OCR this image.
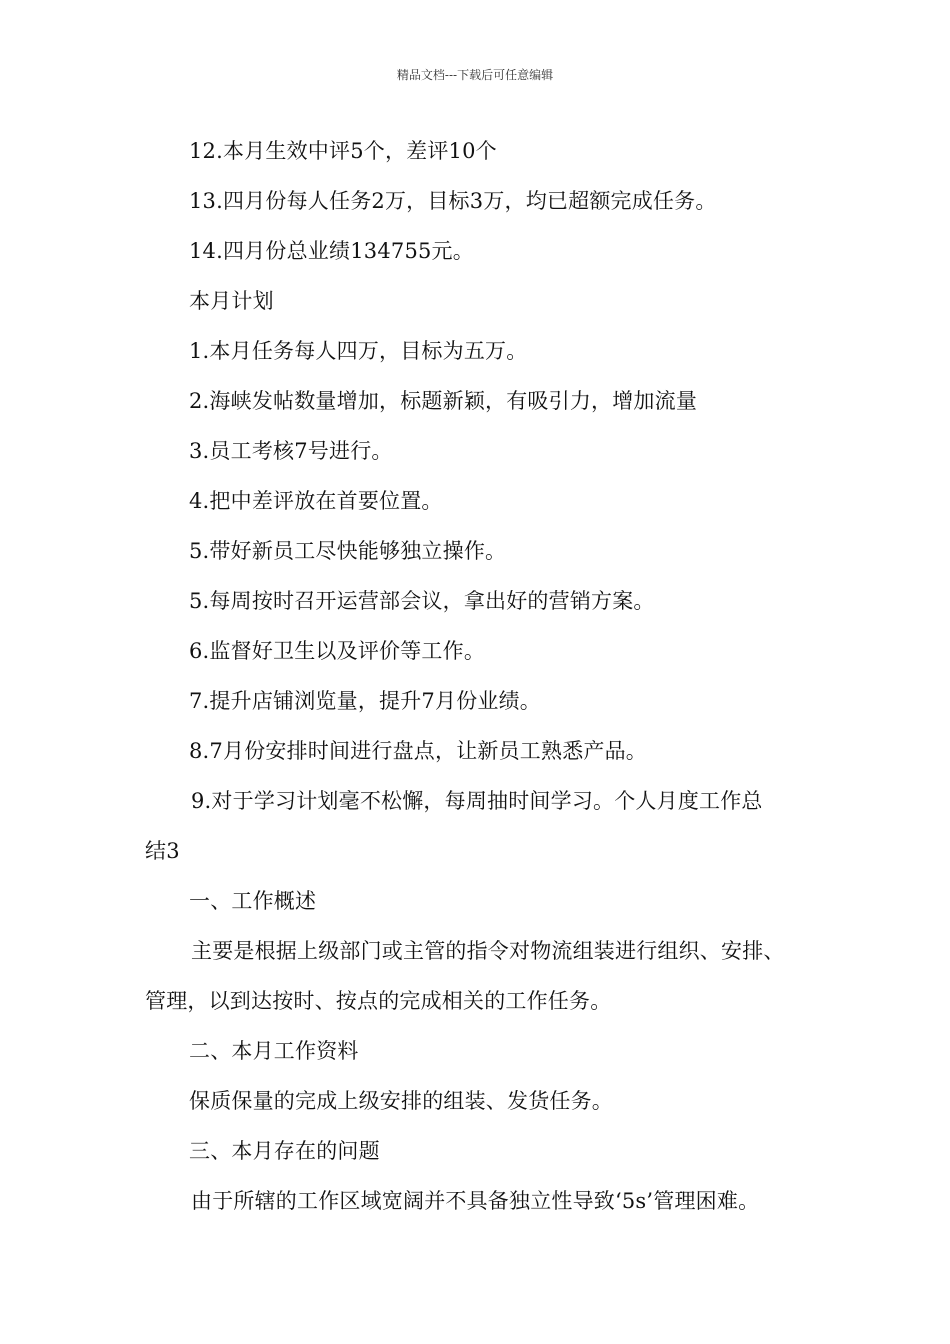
精品文档---下载后可任意编辑
12.本月生效中评5个，差评10个
13.四月份每人任务2万，目标3万，均已超额完成任务。
14.四月份总业绩134755元。
本月计划
1.本月任务每人四万，目标为五万。
2.海峡发帖数量增加，标题新颖，有吸引力，增加流量
3.员工考核7号进行。
4.把中差评放在首要位置。
5.带好新员工尽快能够独立操作。
5.每周按时召开运营部会议，拿出好的营销方案。
6.监督好卫生以及评价等工作。
7.提升店铺浏览量，提升7月份业绩。
8.7月份安排时间进行盘点，让新员工熟悉产品。
9.对于学习计划毫不松懈，每周抽时间学习。个人月度工作总
结3
一、工作概述
主要是根据上级部门或主管的指令对物流组装进行组织、安排、
管理，以到达按时、按点的完成相关的工作任务。
二、本月工作资料
保质保量的完成上级安排的组装、发货任务。
三、本月存在的问题
由于所辖的工作区域宽阔并不具备独立性导致‘5s’管理困难。
